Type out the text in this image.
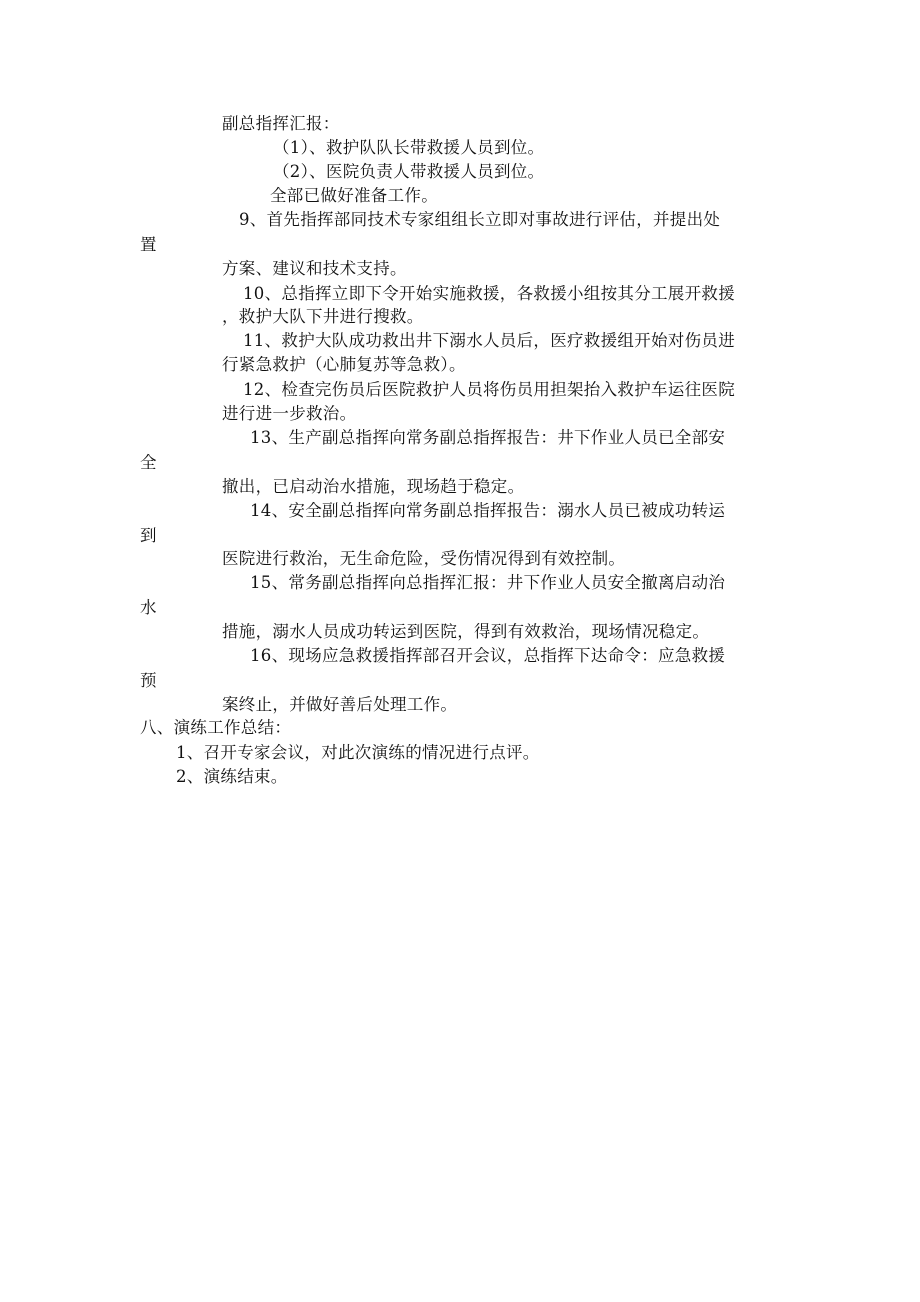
副总指挥汇报：
（1）、救护队队长带救援人员到位。
（2）、医院负责人带救援人员到位。
全部已做好准备工作。
9、首先指挥部同技术专家组组长立即对事故进行评估，并提出处
置
方案、建议和技术支持。
10、总指挥立即下令开始实施救援，各救援小组按其分工展开救援
，救护大队下井进行搜救。
11、救护大队成功救出井下溺水人员后，医疗救援组开始对伤员进
行紧急救护（心肺复苏等急救）。
12、检查完伤员后医院救护人员将伤员用担架抬入救护车运往医院
进行进一步救治。
13、生产副总指挥向常务副总指挥报告：井下作业人员已全部安
全
撤出，已启动治水措施，现场趋于稳定。
14、安全副总指挥向常务副总指挥报告：溺水人员已被成功转运
到
医院进行救治，无生命危险，受伤情况得到有效控制。
15、常务副总指挥向总指挥汇报：井下作业人员安全撤离启动治
水
措施，溺水人员成功转运到医院，得到有效救治，现场情况稳定。
16、现场应急救援指挥部召开会议，总指挥下达命令：应急救援
预
案终止，并做好善后处理工作。
八、演练工作总结：
1、召开专家会议，对此次演练的情况进行点评。
2、演练结束。
